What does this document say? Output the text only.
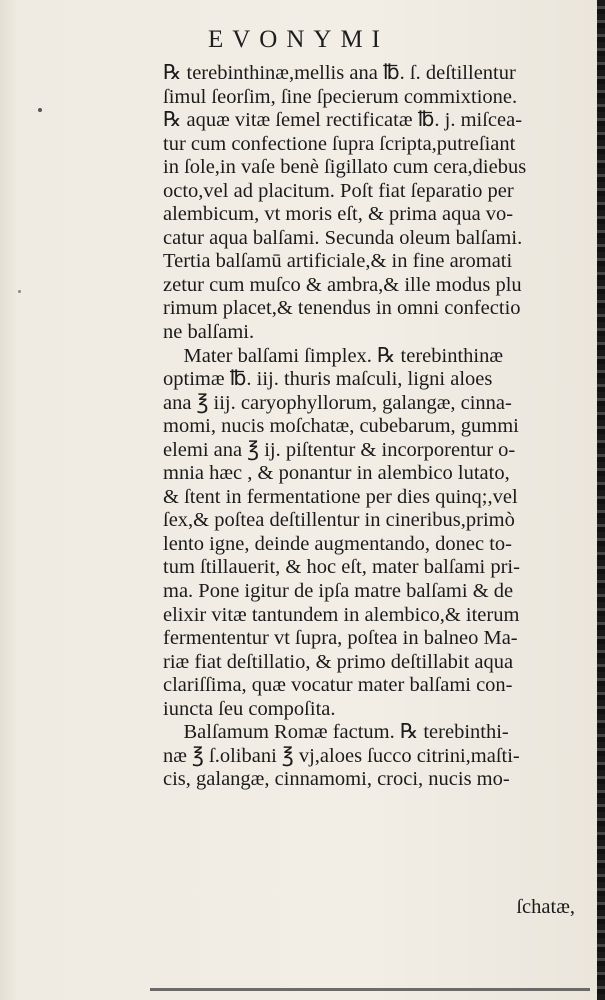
EVONYMI
℞ terebinthinæ,mellis ana ℔. ſ. deſtillentur
ſimul ſeorſim, ſine ſpecierum commixtione.
℞ aquæ vitæ ſemel rectificatæ ℔. j. miſcea-
tur cum confectione ſupra ſcripta,putreſiant
in ſole,in vaſe benè ſigillato cum cera,diebus
octo,vel ad placitum. Poſt fiat ſeparatio per
alembicum, vt moris eſt, & prima aqua vo-
catur aqua balſami. Secunda oleum balſami.
Tertia balſamū artificiale,& in fine aromati
zetur cum muſco & ambra,& ille modus plu
rimum placet,& tenendus in omni confectio
ne balſami.
Mater balſami ſimplex. ℞ terebinthinæ
optimæ ℔. iij. thuris maſculi, ligni aloes
ana ℥ iij. caryophyllorum, galangæ, cinna-
momi, nucis moſchatæ, cubebarum, gummi
elemi ana ℥ ij. piſtentur & incorporentur o-
mnia hæc , & ponantur in alembico lutato,
& ſtent in fermentatione per dies quinq;,vel
ſex,& poſtea deſtillentur in cineribus,primò
lento igne, deinde augmentando, donec to-
tum ſtillauerit, & hoc eſt, mater balſami pri-
ma. Pone igitur de ipſa matre balſami & de
elixir vitæ tantundem in alembico,& iterum
fermententur vt ſupra, poſtea in balneo Ma-
riæ fiat deſtillatio, & primo deſtillabit aqua
clariſſima, quæ vocatur mater balſami con-
iuncta ſeu compoſita.
Balſamum Romæ factum. ℞ terebinthi-
næ ℥ ſ.olibani ℥ vj,aloes ſucco citrini,maſti-
cis, galangæ, cinnamomi, croci, nucis mo-
ſchatæ,
